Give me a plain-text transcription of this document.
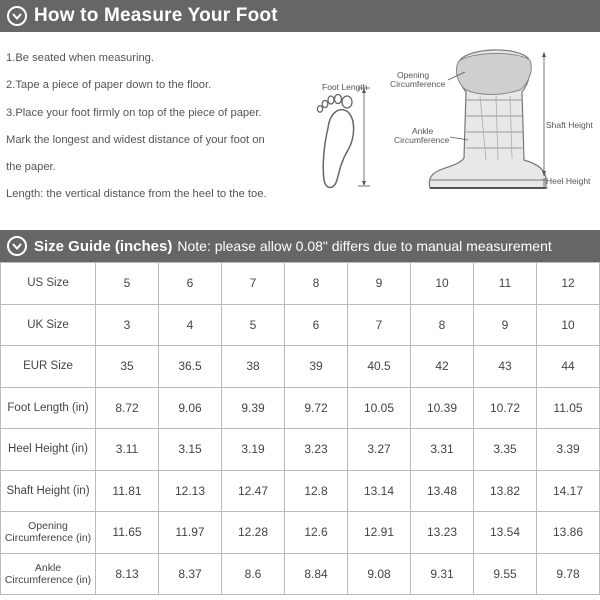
How to Measure Your Foot

1.Be seated when measuring.

2.Tape a piece of paper down to the floor.

3.Place your foot firmly on top of the piece of paper.

Mark the longest and widest distance of your foot on

the paper.

Length: the vertical distance from the heel to the toe.

Foot Length
Opening
Circumference
Ankle
Circumference
Shaft Height
Heel Height
Size Guide (inches) Note: please allow 0.08" differs due to manual measurement
US Size	5	6	7	8	9	10	11	12
UK Size	3	4	5	6	7	8	9	10
EUR Size	35	36.5	38	39	40.5	42	43	44
Foot Length (in)	8.72	9.06	9.39	9.72	10.05	10.39	10.72	11.05
Heel Height (in)	3.11	3.15	3.19	3.23	3.27	3.31	3.35	3.39
Shaft Height (in)	11.81	12.13	12.47	12.8	13.14	13.48	13.82	14.17

Opening
Circumference (in)	11.65	11.97	12.28	12.6	12.91	13.23	13.54	13.86

Ankle
Circumference (in)	8.13	8.37	8.6	8.84	9.08	9.31	9.55	9.78
